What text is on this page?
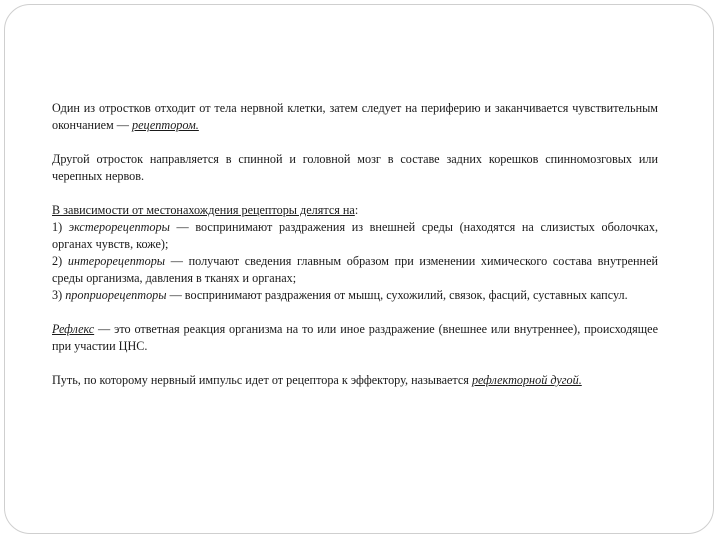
Один из отростков отходит от тела нервной клетки, затем следует на периферию и заканчивается чувствительным окончанием — рецептором.

Другой отросток направляется в спинной и головной мозг в составе задних корешков спинномозговых или черепных нервов.

В зависимости от местонахождения рецепторы делятся на:
1) экстерорецепторы — воспринимают раздражения из внешней среды (находятся на слизистых оболочках, органах чувств, коже);
2) интерорецепторы — получают сведения главным образом при изменении химического состава внутренней среды организма, давления в тканях и органах;
3) проприорецепторы — воспринимают раздражения от мышц, сухожилий, связок, фасций, суставных капсул.

Рефлекс — это ответная реакция организма на то или иное раздражение (внешнее или внутреннее), происходящее при участии ЦНС.

Путь, по которому нервный импульс идет от рецептора к эффектору, называется рефлекторной дугой.
